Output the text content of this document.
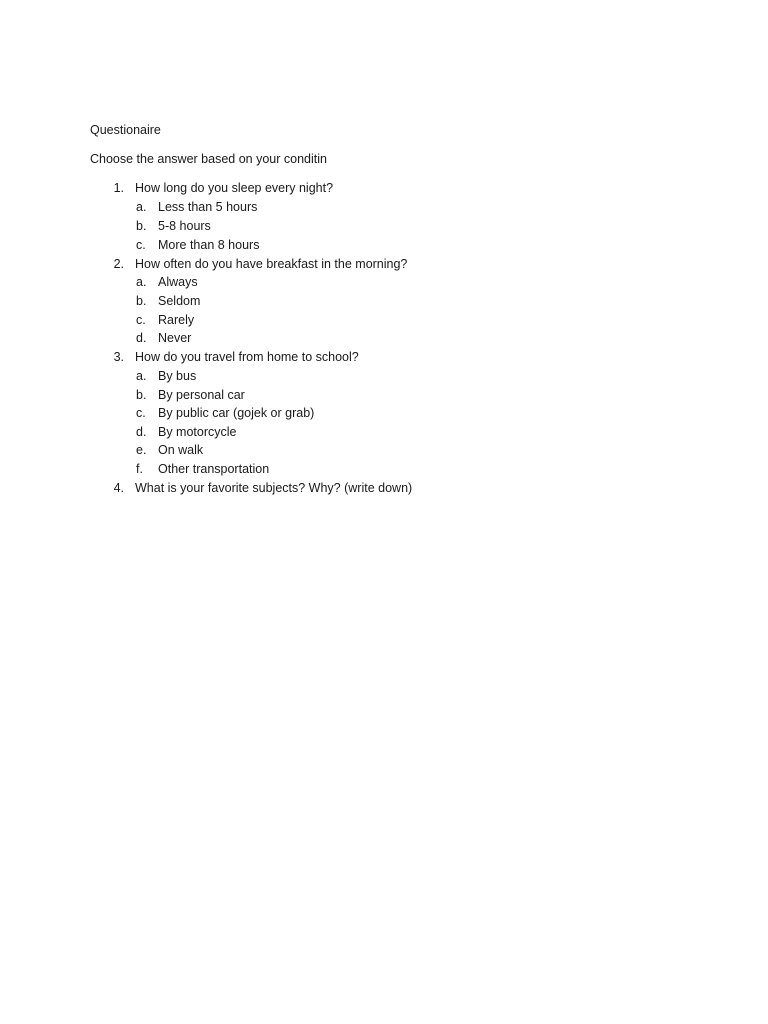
Questionaire
Choose the answer based on your conditin
1. How long do you sleep every night?
a. Less than 5 hours
b. 5-8 hours
c. More than 8 hours
2. How often do you have breakfast in the morning?
a. Always
b. Seldom
c. Rarely
d. Never
3. How do you travel from home to school?
a. By bus
b. By personal car
c. By public car (gojek or grab)
d. By motorcycle
e. On walk
f.	Other transportation
4. What is your favorite subjects? Why? (write down)
